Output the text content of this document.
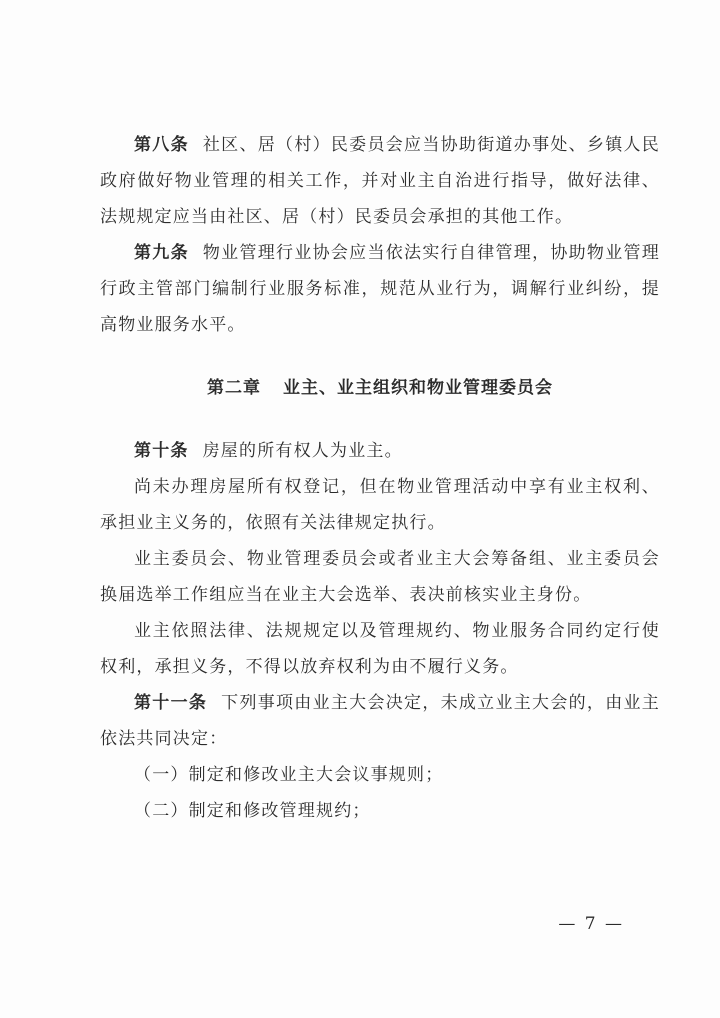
第八条 社区、居（村）民委员会应当协助街道办事处、乡镇人民政府做好物业管理的相关工作，并对业主自治进行指导，做好法律、法规规定应当由社区、居（村）民委员会承担的其他工作。

第九条 物业管理行业协会应当依法实行自律管理，协助物业管理行政主管部门编制行业服务标准，规范从业行为，调解行业纠纷，提高物业服务水平。

第二章 业主、业主组织和物业管理委员会

第十条 房屋的所有权人为业主。

尚未办理房屋所有权登记，但在物业管理活动中享有业主权利、承担业主义务的，依照有关法律规定执行。

业主委员会、物业管理委员会或者业主大会筹备组、业主委员会换届选举工作组应当在业主大会选举、表决前核实业主身份。

业主依照法律、法规规定以及管理规约、物业服务合同约定行使权利，承担义务，不得以放弃权利为由不履行义务。

第十一条 下列事项由业主大会决定，未成立业主大会的，由业主依法共同决定：

（一）制定和修改业主大会议事规则；

（二）制定和修改管理规约；

— 7 —
